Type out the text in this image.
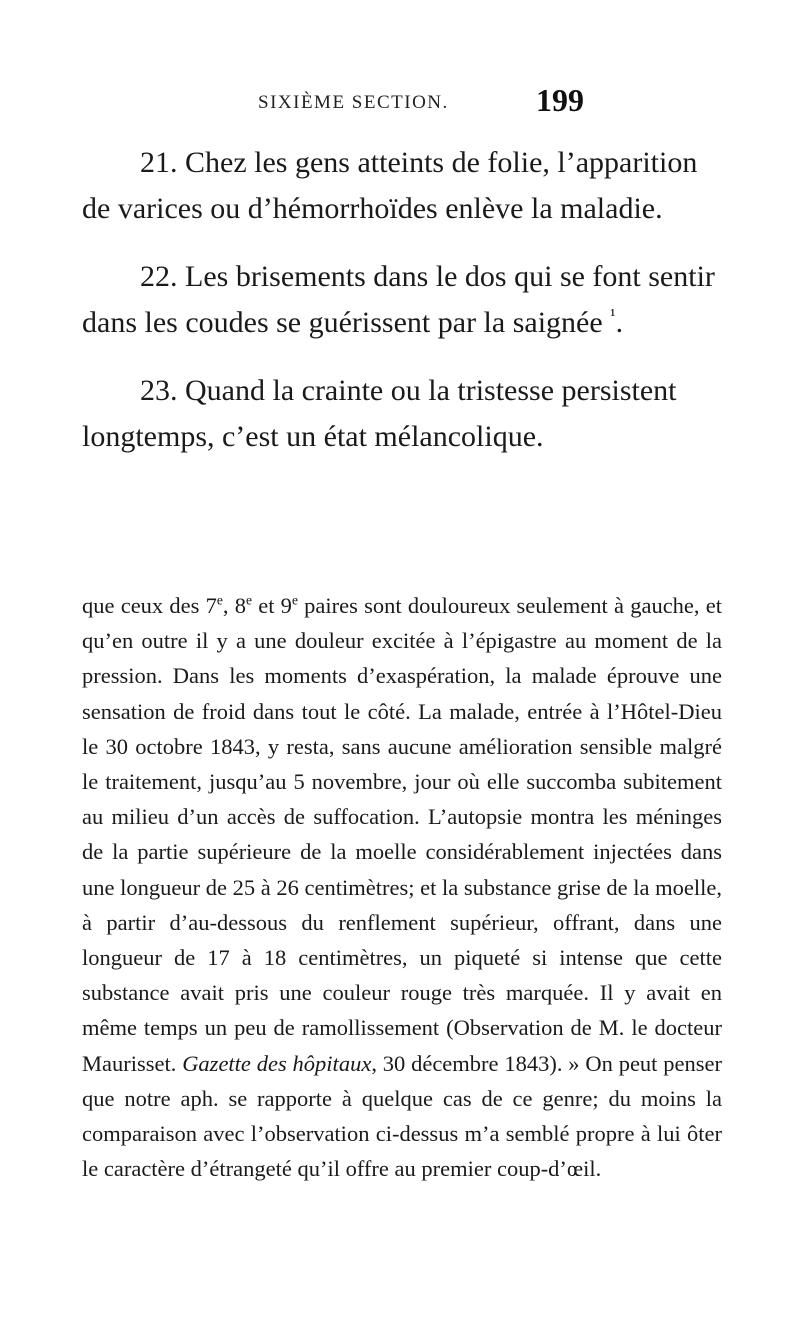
SIXIÈME SECTION.	199

21. Chez les gens atteints de folie, l’apparition de varices ou d’hémorrhoïdes enlève la maladie.

22. Les brisements dans le dos qui se font sentir dans les coudes se guérissent par la saignée $^{^1}$.

23. Quand la crainte ou la tristesse persistent longtemps, c’est un état mélancolique.

que ceux des 7e, 8e et 9e paires sont douloureux seulement à gauche, et qu’en outre il y a une douleur excitée à l’épigastre au moment de la pression. Dans les moments d’exaspération, la malade éprouve une sensation de froid dans tout le côté. La malade, entrée à l’Hôtel-Dieu le 30 octobre 1843, y resta, sans aucune amélioration sensible malgré le traitement, jusqu’au 5 novembre, jour où elle succomba subitement au milieu d’un accès de suffocation. L’autopsie montra les méninges de la partie supérieure de la moelle considérablement injectées dans une longueur de 25 à 26 centimètres; et la substance grise de la moelle, à partir d’au-dessous du renflement supérieur, offrant, dans une longueur de 17 à 18 centimètres, un piqueté si intense que cette substance avait pris une couleur rouge très marquée. Il y avait en même temps un peu de ramollissement (Observation de M. le docteur Maurisset. Gazette des hôpitaux, 30 décembre 1843). » On peut penser que notre aph. se rapporte à quelque cas de ce genre; du moins la comparaison avec l’observation ci-dessus m’a semblé propre à lui ôter le caractère d’étrangeté qu’il offre au premier coup-d’œil.
